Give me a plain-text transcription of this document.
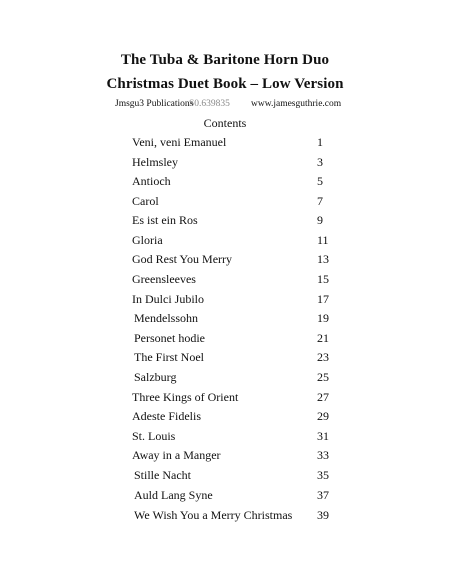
The Tuba & Baritone Horn Duo
Christmas Duet Book – Low Version
Jmsgu3 Publications
S0.639835 www.jamesguthrie.com
Contents
Veni, veni Emanuel	1
Helmsley	3
Antioch	5
Carol	7
Es ist ein Ros	9
Gloria	11
God Rest You Merry	13
Greensleeves	15
In Dulci Jubilo	17
Mendelssohn	19
Personet hodie	21
The First Noel	23
Salzburg	25
Three Kings of Orient	27
Adeste Fidelis	29
St. Louis	31
Away in a Manger	33
Stille Nacht	35
Auld Lang Syne	37
We Wish You a Merry Christmas 39
